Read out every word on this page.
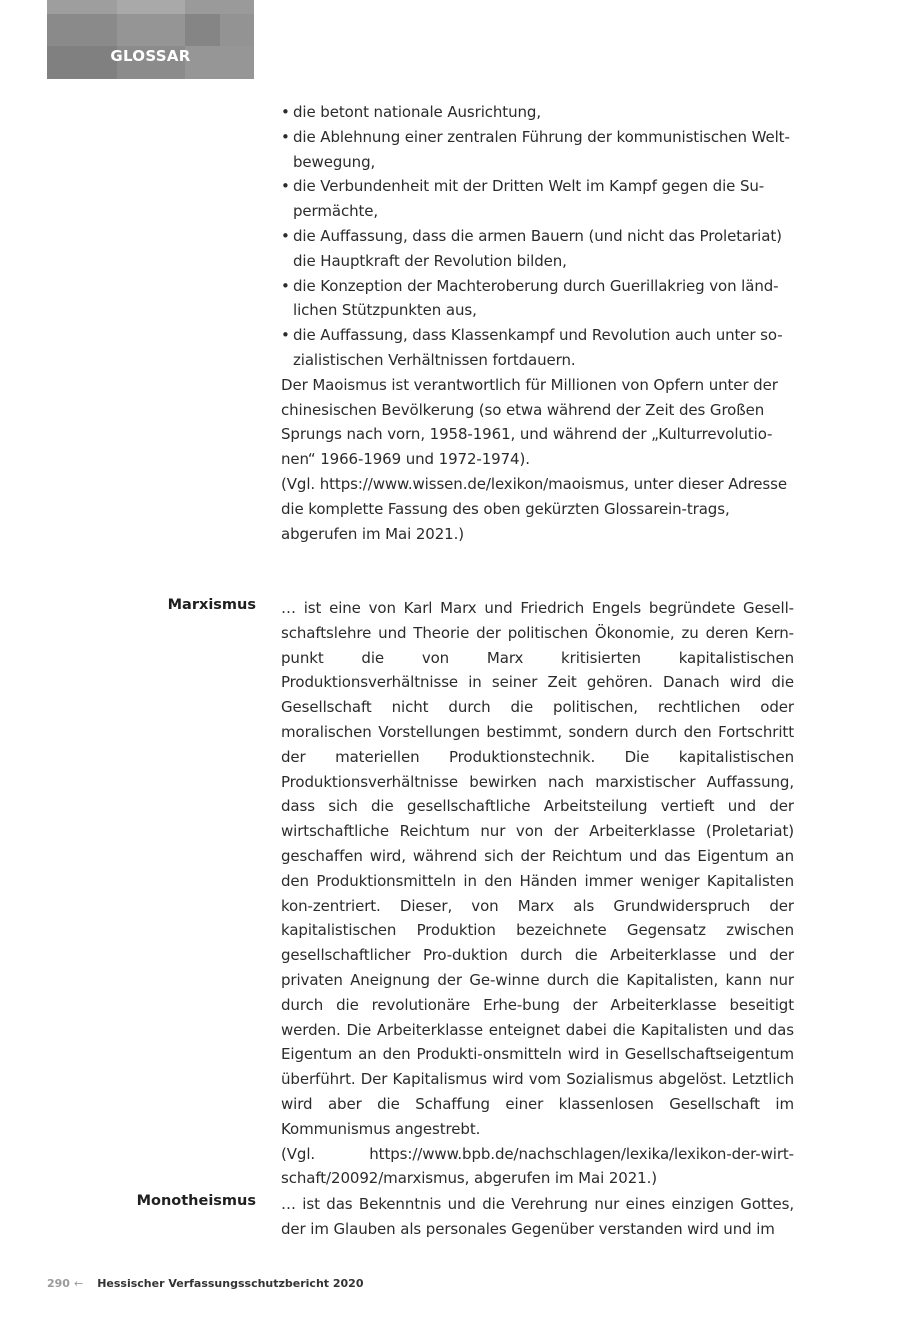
GLOSSAR
• die betont nationale Ausrichtung,
• die Ablehnung einer zentralen Führung der kommunistischen Welt-bewegung,
• die Verbundenheit mit der Dritten Welt im Kampf gegen die Su-permächte,
• die Auffassung, dass die armen Bauern (und nicht das Proletariat) die Hauptkraft der Revolution bilden,
• die Konzeption der Machteroberung durch Guerillakrieg von länd-lichen Stützpunkten aus,
• die Auffassung, dass Klassenkampf und Revolution auch unter so-zialistischen Verhältnissen fortdauern.

Der Maoismus ist verantwortlich für Millionen von Opfern unter der chinesischen Bevölkerung (so etwa während der Zeit des Großen Sprungs nach vorn, 1958-1961, und während der „Kulturrevolutio-nen“ 1966-1969 und 1972-1974).

(Vgl. https://www.wissen.de/lexikon/maoismus, unter dieser Adresse die komplette Fassung des oben gekürzten Glossarein-trags, abgerufen im Mai 2021.)

Marxismus … ist eine von Karl Marx und Friedrich Engels begründete Gesell-schaftslehre und Theorie der politischen Ökonomie, zu deren Kern-punkt die von Marx kritisierten kapitalistischen Produktionsverhältnisse in seiner Zeit gehören. Danach wird die Gesellschaft nicht durch die politischen, rechtlichen oder moralischen Vorstellungen bestimmt, sondern durch den Fortschritt der materiellen Produktionstechnik. Die kapitalistischen Produktionsverhältnisse bewirken nach marxistischer Auffassung, dass sich die gesellschaftliche Arbeitsteilung vertieft und der wirtschaftliche Reichtum nur von der Arbeiterklasse (Proletariat) geschaffen wird, während sich der Reichtum und das Eigentum an den Produktionsmitteln in den Händen immer weniger Kapitalisten kon-zentriert. Dieser, von Marx als Grundwiderspruch der kapitalistischen Produktion bezeichnete Gegensatz zwischen gesellschaftlicher Pro-duktion durch die Arbeiterklasse und der privaten Aneignung der Ge-winne durch die Kapitalisten, kann nur durch die revolutionäre Erhe-bung der Arbeiterklasse beseitigt werden. Die Arbeiterklasse enteignet dabei die Kapitalisten und das Eigentum an den Produkti-onsmitteln wird in Gesellschaftseigentum überführt. Der Kapitalismus wird vom Sozialismus abgelöst. Letztlich wird aber die Schaffung einer klassenlosen Gesellschaft im Kommunismus angestrebt.

(Vgl. https://www.bpb.de/nachschlagen/lexika/lexikon-der-wirt-schaft/20092/marxismus, abgerufen im Mai 2021.)

Monotheismus … ist das Bekenntnis und die Verehrung nur eines einzigen Gottes, der im Glauben als personales Gegenüber verstanden wird und im

290 ← Hessischer Verfassungsschutzbericht 2020
